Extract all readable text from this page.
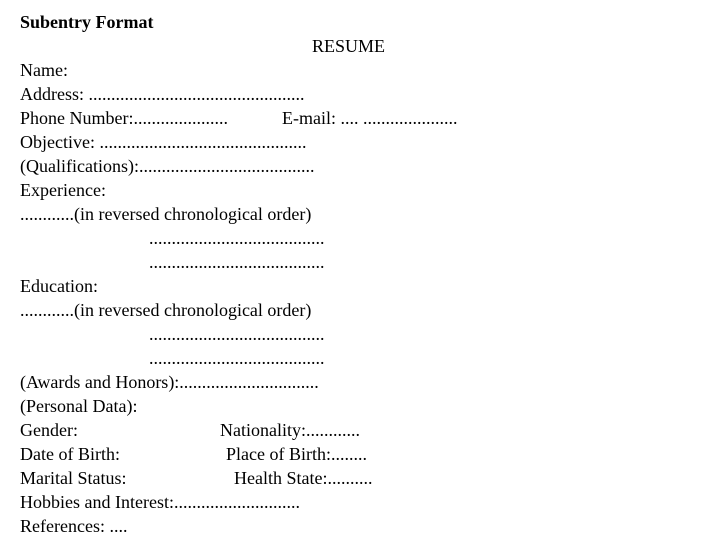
Subentry Format
RESUME
Name:
Address: ................................................
Phone Number:.....................	E-mail: .... .....................
Objective: ..............................................
(Qualifications):.......................................
Experience:
............(in reversed chronological order)
.......................................
.......................................
Education:
............(in reversed chronological order)
.......................................
.......................................
(Awards and Honors):...............................
(Personal Data):
Gender:	Nationality:............
Date of Birth:	Place of Birth:........
Marital Status:	Health State:..........
Hobbies and Interest:............................
References: ....
